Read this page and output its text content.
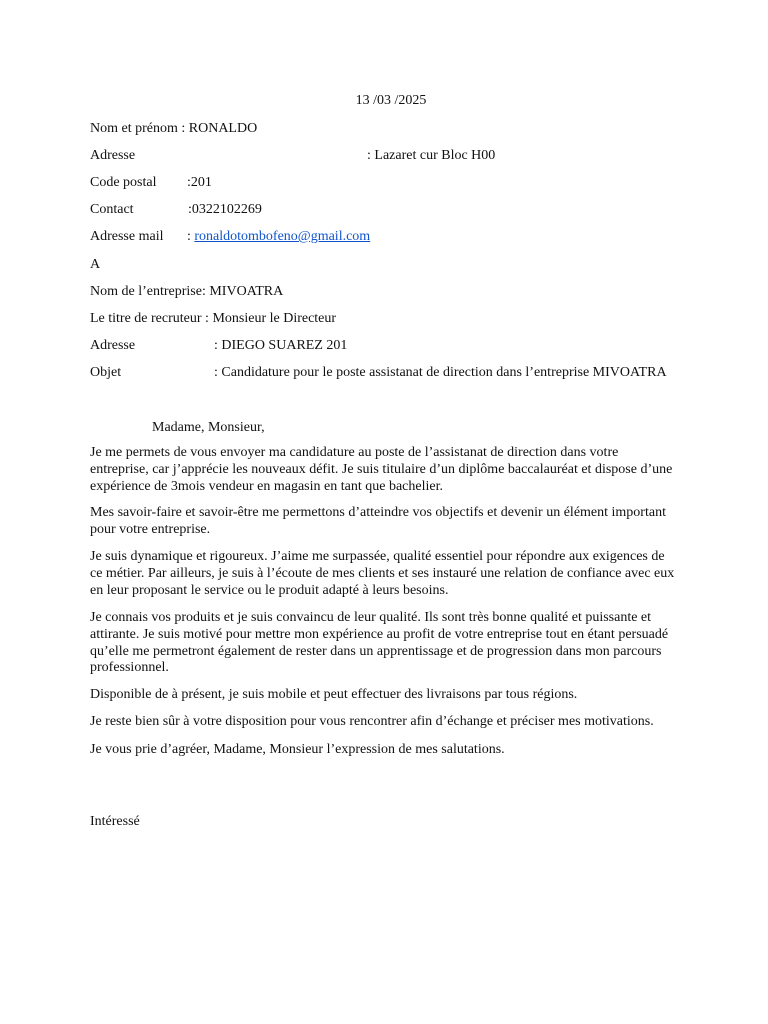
13 /03 /2025
Nom et prénom : RONALDO
Adresse	: Lazaret cur Bloc H00
Code postal :201
Contact	:0322102269
Adresse mail : ronaldotombofeno@gmail.com
A
Nom de l’entreprise: MIVOATRA
Le titre de recruteur : Monsieur le Directeur
Adresse	: DIEGO SUAREZ 201
Objet	: Candidature pour le poste assistanat de direction dans l’entreprise MIVOATRA
Madame, Monsieur,
Je me permets de vous envoyer ma candidature au poste de l’assistanat de direction dans votre entreprise, car j’apprécie les nouveaux défit. Je suis titulaire d’un diplôme baccalauréat et dispose d’une expérience de 3mois vendeur en magasin en tant que bachelier.
Mes savoir-faire et savoir-être me permettons d’atteindre vos objectifs et devenir un élément important pour votre entreprise.
Je suis dynamique et rigoureux. J’aime me surpassée, qualité essentiel pour répondre aux exigences de ce métier. Par ailleurs, je suis à l’écoute de mes clients et ses instauré une relation de confiance avec eux en leur proposant le service ou le produit adapté à leurs besoins.
Je connais vos produits et je suis convaincu de leur qualité. Ils sont très bonne qualité et puissante et attirante. Je suis motivé pour mettre mon expérience au profit de votre entreprise tout en étant persuadé qu’elle me permetront également de rester dans un apprentissage et de progression dans mon parcours professionnel.
Disponible de à présent, je suis mobile et peut effectuer des livraisons par tous régions.
Je reste bien sûr à votre disposition pour vous rencontrer afin d’échange et préciser mes motivations.
Je vous prie d’agréer, Madame, Monsieur l’expression de mes salutations.
Intéressé
